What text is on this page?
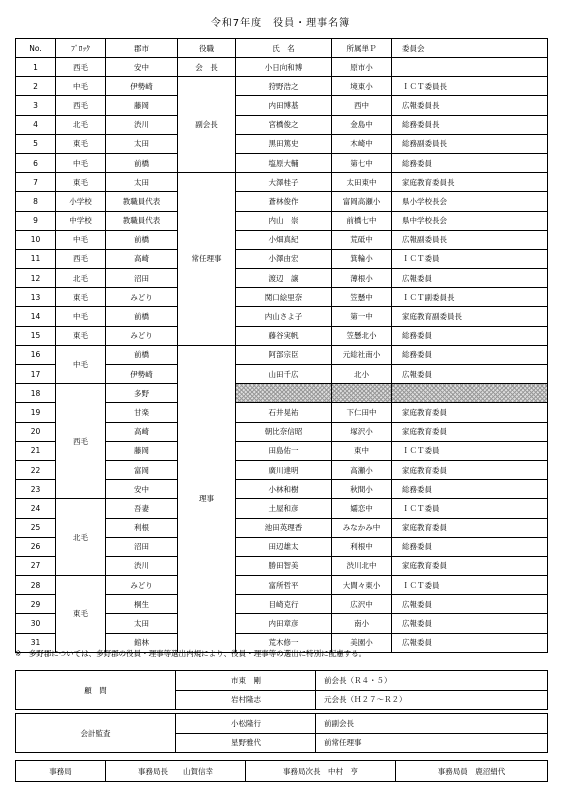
令和7年度　役員・理事名簿
No.	ﾌﾞﾛｯｸ	郡市	役職	氏　名	所属単Ｐ	委員会
1	西毛	安中	会　長	小日向和博	原市小	
2	中毛	伊勢崎	副会長	狩野浩之	境東小	ＩＣＴ委員長
3	西毛	藤岡		内田博基	西中	広報委員長
4	北毛	渋川		宮橋俊之	金島中	総務委員長
5	東毛	太田		黒田篤史	木崎中	総務副委員長
6	中毛	前橋		塩原大輔	第七中	総務委員
7	東毛	太田	常任理事	大澤桂子	太田東中	家庭教育委員長
8	小学校	教職員代表		蒼林俊作	富岡高瀬小	県小学校長会
9	中学校	教職員代表		内山　崇	前橋七中	県中学校長会
10	中毛	前橋		小畑真紀	荒砥中	広報副委員長
11	西毛	高崎		小澤由宏	箕輪小	ＩＣＴ委員
12	北毛	沼田		渡辺　譲	薄根小	広報委員
13	東毛	みどり		関口絵里奈	笠懸中	ＩＣＴ副委員長
14	中毛	前橋		内山さよ子	第一中	家庭教育副委員長
15	東毛	みどり		藤谷実帆	笠懸北小	総務委員
16	中毛	前橋	理事	阿部宗臣	元総社南小	総務委員
17		伊勢崎		山田千広	北小	広報委員
18	西毛	多野				
19		甘楽		石井晃祐	下仁田中	家庭教育委員
20		高崎		朝比奈信昭	塚沢小	家庭教育委員
21		藤岡		田島佑一	東中	ＩＣＴ委員
22		富岡		廣川達明	高瀬小	家庭教育委員
23		安中		小林和樹	秋間小	総務委員
24	北毛	吾妻		土屋和彦	嬬恋中	ＩＣＴ委員
25		利根		池田英理香	みなかみ中	家庭教育委員
26		沼田		田辺雄太	利根中	総務委員
27		渋川		勝田智美	渋川北中	家庭教育委員
28	東毛	みどり		富所哲平	大間々東小	ＩＣＴ委員
29		桐生		目崎克行	広沢中	広報委員
30		太田		内田章彦	南小	広報委員
31		館林		荒木修一	美園小	広報委員
※　多野郡については、多野郡の役員・理事等選出内規により、役員・理事等の選出に特別に配慮する。
顧　問	市東　剛	前会長（Ｒ４・５）
	岩村隆志	元会長（Ｈ２７～Ｒ２）
会計監査	小松隆行	前副会長
	星野雅代	前常任理事
事務局	事務局長　　山賀信幸	事務局次長　中村　亨	事務局員　鹿沼絹代
